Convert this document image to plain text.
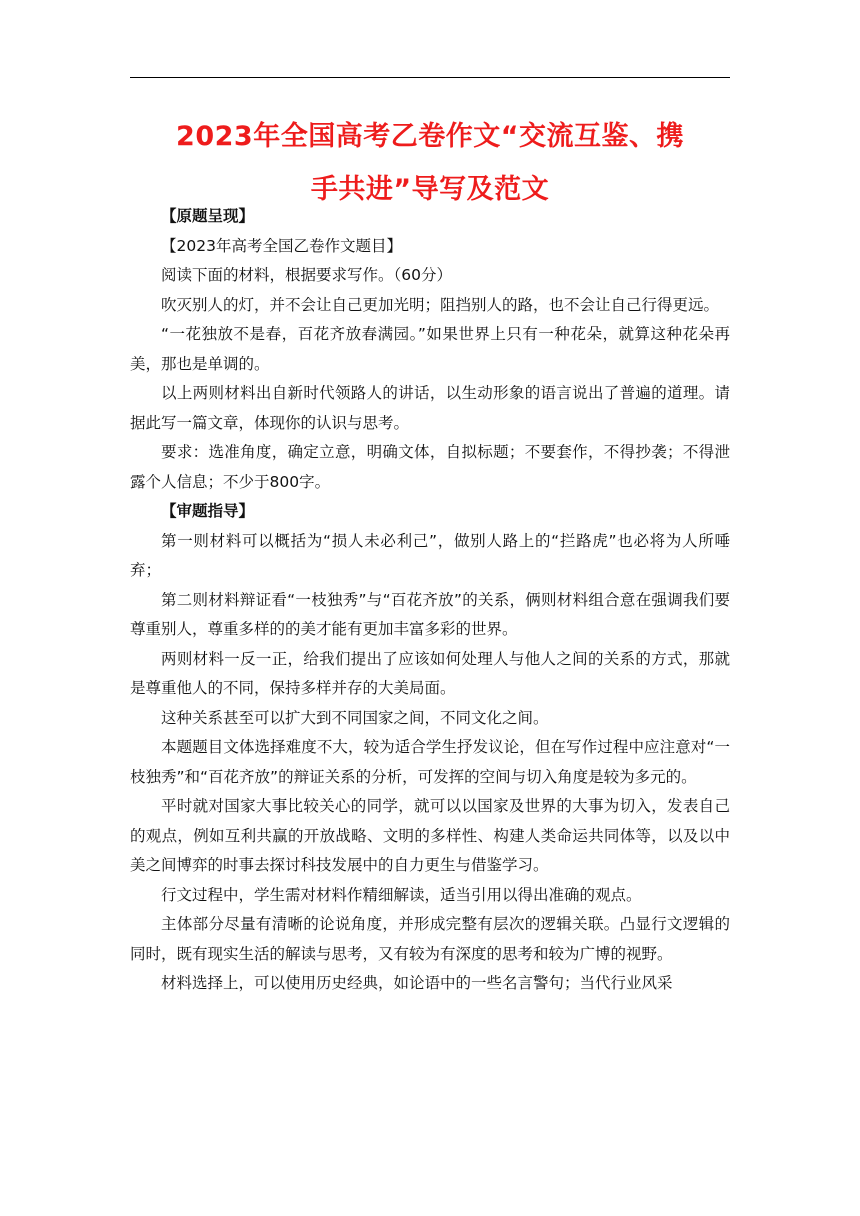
2023年全国高考乙卷作文“交流互鉴、携
手共进”导写及范文

【原题呈现】

【2023年高考全国乙卷作文题目】

阅读下面的材料，根据要求写作。（60分）

吹灭别人的灯，并不会让自己更加光明；阻挡别人的路，也不会让自己行得更远。

“一花独放不是春，百花齐放春满园。”如果世界上只有一种花朵，就算这种花朵再美，那也是单调的。

以上两则材料出自新时代领路人的讲话，以生动形象的语言说出了普遍的道理。请据此写一篇文章，体现你的认识与思考。

要求：选准角度，确定立意，明确文体，自拟标题；不要套作，不得抄袭；不得泄露个人信息；不少于800字。

【审题指导】

第一则材料可以概括为“损人未必利己”，做别人路上的“拦路虎”也必将为人所唾弃；

第二则材料辩证看“一枝独秀”与“百花齐放”的关系，俩则材料组合意在强调我们要尊重别人，尊重多样的的美才能有更加丰富多彩的世界。

两则材料一反一正，给我们提出了应该如何处理人与他人之间的关系的方式，那就是尊重他人的不同，保持多样并存的大美局面。

这种关系甚至可以扩大到不同国家之间，不同文化之间。

本题题目文体选择难度不大，较为适合学生抒发议论，但在写作过程中应注意对“一枝独秀”和“百花齐放”的辩证关系的分析，可发挥的空间与切入角度是较为多元的。

平时就对国家大事比较关心的同学，就可以以国家及世界的大事为切入，发表自己的观点，例如互利共赢的开放战略、文明的多样性、构建人类命运共同体等，以及以中美之间博弈的时事去探讨科技发展中的自力更生与借鉴学习。

行文过程中，学生需对材料作精细解读，适当引用以得出准确的观点。

主体部分尽量有清晰的论说角度，并形成完整有层次的逻辑关联。凸显行文逻辑的同时，既有现实生活的解读与思考，又有较为有深度的思考和较为广博的视野。

材料选择上，可以使用历史经典，如论语中的一些名言警句；当代行业风采
